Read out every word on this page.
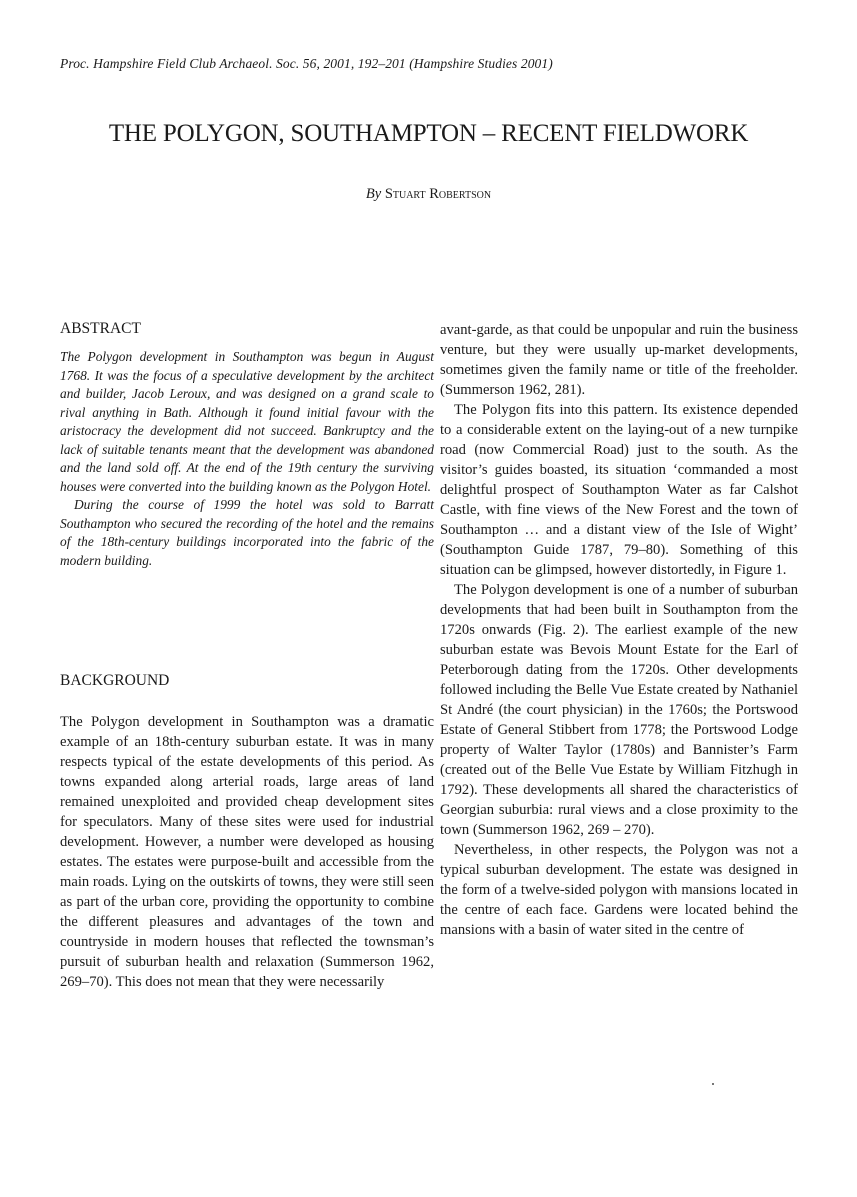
Proc. Hampshire Field Club Archaeol. Soc. 56, 2001, 192–201 (Hampshire Studies 2001)
THE POLYGON, SOUTHAMPTON – RECENT FIELDWORK
By Stuart Robertson
ABSTRACT

The Polygon development in Southampton was begun in August 1768. It was the focus of a speculative development by the architect and builder, Jacob Leroux, and was designed on a grand scale to rival anything in Bath. Although it found initial favour with the aristocracy the development did not succeed. Bankruptcy and the lack of suitable tenants meant that the development was abandoned and the land sold off. At the end of the 19th century the surviving houses were converted into the building known as the Polygon Hotel.

During the course of 1999 the hotel was sold to Barratt Southampton who secured the recording of the hotel and the remains of the 18th-century buildings incorporated into the fabric of the modern building.

BACKGROUND

The Polygon development in Southampton was a dramatic example of an 18th-century suburban estate. It was in many respects typical of the estate developments of this period. As towns expanded along arterial roads, large areas of land remained unexploited and provided cheap development sites for speculators. Many of these sites were used for industrial development. However, a number were developed as housing estates. The estates were purpose-built and accessible from the main roads. Lying on the outskirts of towns, they were still seen as part of the urban core, providing the opportunity to combine the different pleasures and advantages of the town and countryside in modern houses that reflected the townsman’s pursuit of suburban health and relaxation (Summerson 1962, 269–70). This does not mean that they were necessarily

avant-garde, as that could be unpopular and ruin the business venture, but they were usually up-market developments, sometimes given the family name or title of the freeholder. (Summerson 1962, 281).

The Polygon fits into this pattern. Its existence depended to a considerable extent on the laying-out of a new turnpike road (now Commercial Road) just to the south. As the visitor’s guides boasted, its situation ‘commanded a most delightful prospect of Southampton Water as far Calshot Castle, with fine views of the New Forest and the town of Southampton … and a distant view of the Isle of Wight’ (Southampton Guide 1787, 79–80). Something of this situation can be glimpsed, however distortedly, in Figure 1.

The Polygon development is one of a number of suburban developments that had been built in Southampton from the 1720s onwards (Fig. 2). The earliest example of the new suburban estate was Bevois Mount Estate for the Earl of Peterborough dating from the 1720s. Other developments followed including the Belle Vue Estate created by Nathaniel St André (the court physician) in the 1760s; the Portswood Estate of General Stibbert from 1778; the Portswood Lodge property of Walter Taylor (1780s) and Bannister’s Farm (created out of the Belle Vue Estate by William Fitzhugh in 1792). These developments all shared the characteristics of Georgian suburbia: rural views and a close proximity to the town (Summerson 1962, 269 – 270).

Nevertheless, in other respects, the Polygon was not a typical suburban development. The estate was designed in the form of a twelve-sided polygon with mansions located in the centre of each face. Gardens were located behind the mansions with a basin of water sited in the centre of
